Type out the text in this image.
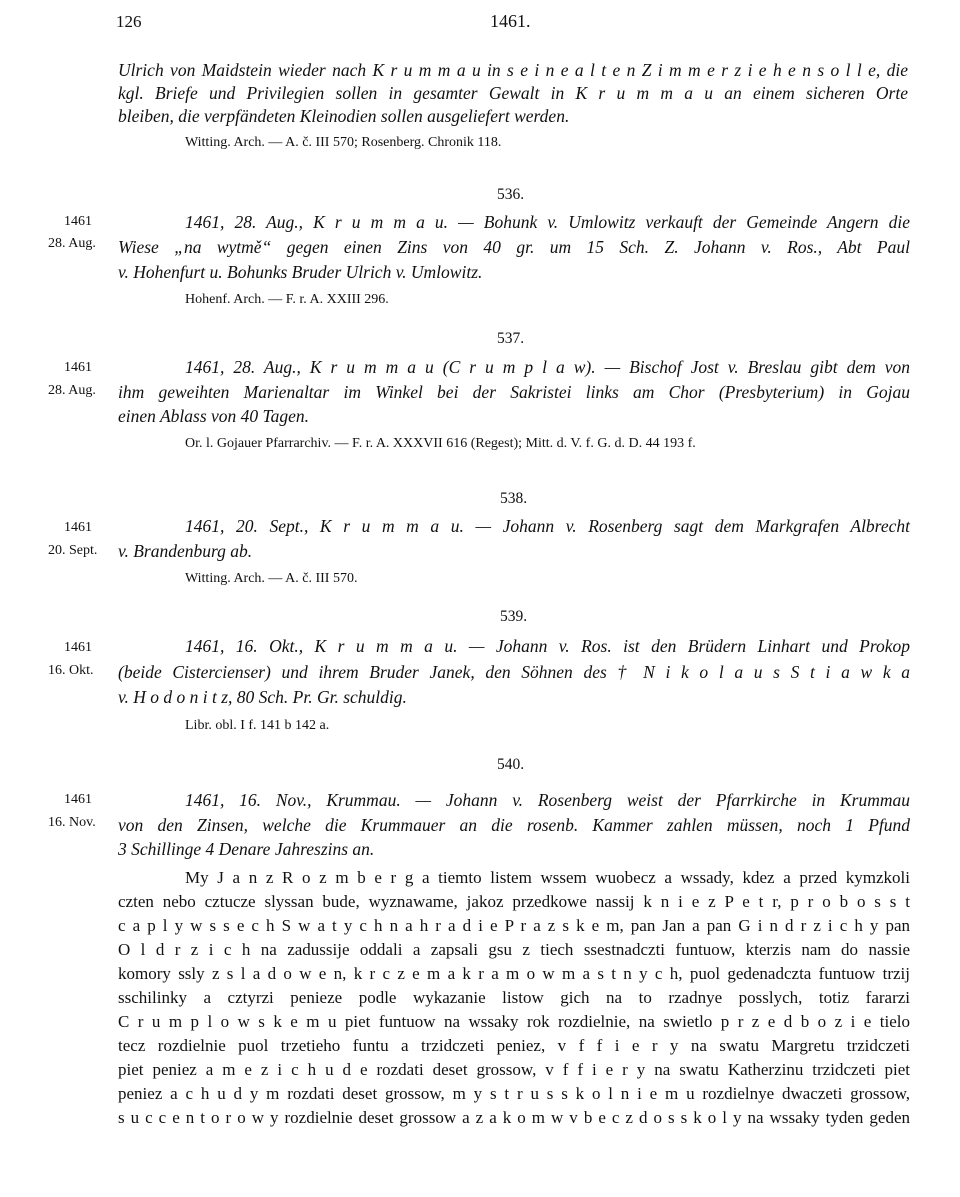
126	1461.
Ulrich von Maidstein wieder nach K r u m m a u in s e i n e a l t e n Z i m m e r z i e h e n s o l l e, die
kgl. Briefe und Privilegien sollen in gesamter Gewalt in K r u m m a u an einem sicheren Orte
bleiben, die verpfändeten Kleinodien sollen ausgeliefert werden.
Witting. Arch. — A. č. III 570; Rosenberg. Chronik 118.
536.
1461
28. Aug.
1461, 28. Aug., K r u m m a u. — Bohunk v. Umlowitz verkauft der Gemeinde Angern die
Wiese „na wytmě“ gegen einen Zins von 40 gr. um 15 Sch. Z. Johann v. Ros., Abt Paul
v. Hohenfurt u. Bohunks Bruder Ulrich v. Umlowitz.
Hohenf. Arch. — F. r. A. XXIII 296.
537.
1461
28. Aug.
1461, 28. Aug., K r u m m a u (C r u m p l a w). — Bischof Jost v. Breslau gibt dem von
ihm geweihten Marienaltar im Winkel bei der Sakristei links am Chor (Presbyterium) in Gojau
einen Ablass von 40 Tagen.
Or. l. Gojauer Pfarrarchiv. — F. r. A. XXXVII 616 (Regest); Mitt. d. V. f. G. d. D. 44 193 f.
538.
1461
20. Sept.
1461, 20. Sept., K r u m m a u. — Johann v. Rosenberg sagt dem Markgrafen Albrecht
v. Brandenburg ab.
Witting. Arch. — A. č. III 570.
539.
1461
16. Okt.
1461, 16. Okt., K r u m m a u. — Johann v. Ros. ist den Brüdern Linhart und Prokop
(beide Cistercienser) und ihrem Bruder Janek, den Söhnen des † N i k o l a u s S t i a w k a
v. H o d o n i t z, 80 Sch. Pr. Gr. schuldig.
Libr. obl. I f. 141 b 142 a.
540.
1461
16. Nov.
1461, 16. Nov., Krummau. — Johann v. Rosenberg weist der Pfarrkirche in Krummau
von den Zinsen, welche die Krummauer an die rosenb. Kammer zahlen müssen, noch 1 Pfund
3 Schillinge 4 Denare Jahreszins an.
My J a n z R o z m b e r g a tiemto listem wssem wuobecz a wssady, kdez a przed kymzkoli
czten nebo cztucze slyssan bude, wyznawame, jakoz przedkowe nassij k n i e z P e t r, p r o b o s s t
c a p l y w s s e c h S w a t y c h n a h r a d i e P r a z s k e m, pan Jan a pan G i n d r z i c h y pan
O l d r z i c h na zadussije oddali a zapsali gsu z tiech ssestnadczti funtuow, kterzis nam do nassie
komory ssly z s l a d o w e n, k r c z e m a k r a m o w m a s t n y c h, puol gedenadczta funtuow trzij
sschilinky a cztyrzi penieze podle wykazanie listow gich na to rzadnye posslych, totiz fararzi
C r u m p l o w s k e m u piet funtuow na wssaky rok rozdielnie, na swietlo p r z e d b o z i e tielo
tecz rozdielnie puol trzetieho funtu a trzidczeti peniez, v f f i e r y na swatu Margretu trzidczeti
piet peniez a m e z i c h u d e rozdati deset grossow, v f f i e r y na swatu Katherzinu trzidczeti piet
peniez a c h u d y m rozdati deset grossow, m y s t r u s s k o l n i e m u rozdielnye dwaczeti grossow,
s u c c e n t o r o w y rozdielnie deset grossow a z a k o m w v b e c z d o s s k o l y na wssaky tyden geden
